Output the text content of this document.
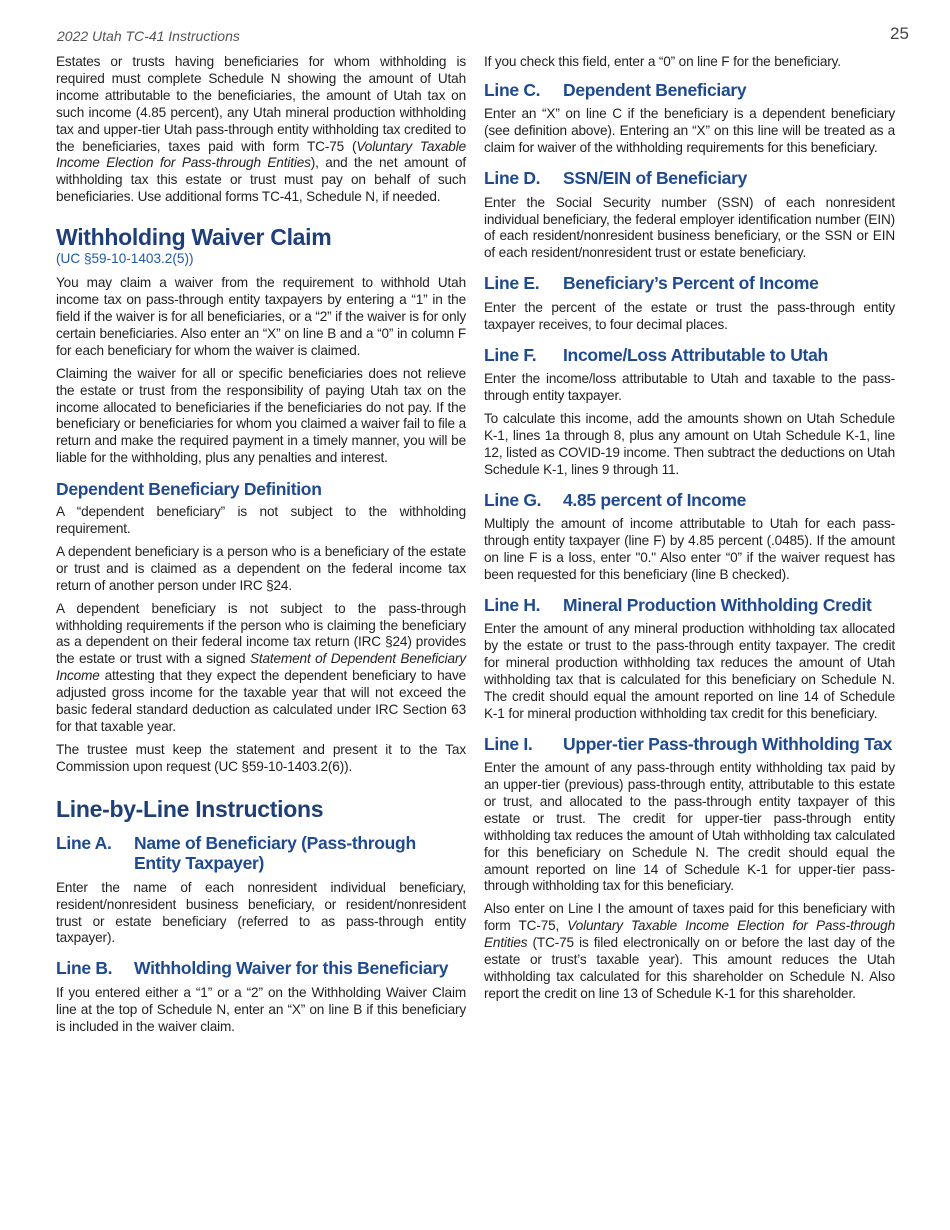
2022 Utah TC-41 Instructions	25

Estates or trusts having beneficiaries for whom withholding is required must complete Schedule N showing the amount of Utah income attributable to the beneficiaries, the amount of Utah tax on such income (4.85 percent), any Utah mineral production withholding tax and upper-tier Utah pass-through entity withholding tax credited to the beneficiaries, taxes paid with form TC-75 (Voluntary Taxable Income Election for Pass-through Entities), and the net amount of withholding tax this estate or trust must pay on behalf of such beneficiaries. Use additional forms TC-41, Schedule N, if needed.

Withholding Waiver Claim
(UC §59-10-1403.2(5))

You may claim a waiver from the requirement to withhold Utah income tax on pass-through entity taxpayers by entering a “1” in the field if the waiver is for all beneficiaries, or a “2” if the waiver is for only certain beneficiaries. Also enter an “X” on line B and a “0” in column F for each beneficiary for whom the waiver is claimed.

Claiming the waiver for all or specific beneficiaries does not relieve the estate or trust from the responsibility of paying Utah tax on the income allocated to beneficiaries if the beneficiaries do not pay. If the beneficiary or beneficiaries for whom you claimed a waiver fail to file a return and make the required payment in a timely manner, you will be liable for the withholding, plus any penalties and interest.

Dependent Beneficiary Definition

A “dependent beneficiary” is not subject to the withholding requirement.

A dependent beneficiary is a person who is a beneficiary of the estate or trust and is claimed as a dependent on the federal income tax return of another person under IRC §24.

A dependent beneficiary is not subject to the pass-through withholding requirements if the person who is claiming the beneficiary as a dependent on their federal income tax return (IRC §24) provides the estate or trust with a signed Statement of Dependent Beneficiary Income attesting that they expect the dependent beneficiary to have adjusted gross income for the taxable year that will not exceed the basic federal standard deduction as calculated under IRC Section 63 for that taxable year.

The trustee must keep the statement and present it to the Tax Commission upon request (UC §59-10-1403.2(6)).

Line-by-Line Instructions
Line A.	Name of Beneficiary (Pass-through Entity Taxpayer)

Enter the name of each nonresident individual beneficiary, resident/nonresident business beneficiary, or resident/nonresident trust or estate beneficiary (referred to as pass-through entity taxpayer).

Line B.	Withholding Waiver for this Beneficiary

If you entered either a “1” or a “2” on the Withholding Waiver Claim line at the top of Schedule N, enter an “X” on line B if this beneficiary is included in the waiver claim.

If you check this field, enter a “0” on line F for the beneficiary.

Line C.	Dependent Beneficiary

Enter an “X” on line C if the beneficiary is a dependent beneficiary (see definition above). Entering an “X” on this line will be treated as a claim for waiver of the withholding requirements for this beneficiary.

Line D.	SSN/EIN of Beneficiary

Enter the Social Security number (SSN) of each nonresident individual beneficiary, the federal employer identification number (EIN) of each resident/nonresident business beneficiary, or the SSN or EIN of each resident/nonresident trust or estate beneficiary.

Line E.	Beneficiary’s Percent of Income

Enter the percent of the estate or trust the pass-through entity taxpayer receives, to four decimal places.

Line F.	Income/Loss Attributable to Utah

Enter the income/loss attributable to Utah and taxable to the pass-through entity taxpayer.

To calculate this income, add the amounts shown on Utah Schedule K-1, lines 1a through 8, plus any amount on Utah Schedule K-1, line 12, listed as COVID-19 income. Then subtract the deductions on Utah Schedule K-1, lines 9 through 11.

Line G.	4.85 percent of Income

Multiply the amount of income attributable to Utah for each pass-through entity taxpayer (line F) by 4.85 percent (.0485). If the amount on line F is a loss, enter "0." Also enter “0” if the waiver request has been requested for this beneficiary (line B checked).

Line H.	Mineral Production Withholding Credit

Enter the amount of any mineral production withholding tax allocated by the estate or trust to the pass-through entity taxpayer. The credit for mineral production withholding tax reduces the amount of Utah withholding tax that is calculated for this beneficiary on Schedule N. The credit should equal the amount reported on line 14 of Schedule K-1 for mineral production withholding tax credit for this beneficiary.

Line I.	Upper-tier Pass-through Withholding Tax

Enter the amount of any pass-through entity withholding tax paid by an upper-tier (previous) pass-through entity, attributable to this estate or trust, and allocated to the pass-through entity taxpayer of this estate or trust. The credit for upper-tier pass-through entity withholding tax reduces the amount of Utah withholding tax calculated for this beneficiary on Schedule N. The credit should equal the amount reported on line 14 of Schedule K-1 for upper-tier pass-through withholding tax for this beneficiary.

Also enter on Line I the amount of taxes paid for this beneficiary with form TC-75, Voluntary Taxable Income Election for Pass-through Entities (TC-75 is filed electronically on or before the last day of the estate or trust’s taxable year). This amount reduces the Utah withholding tax calculated for this shareholder on Schedule N. Also report the credit on line 13 of Schedule K-1 for this shareholder.
